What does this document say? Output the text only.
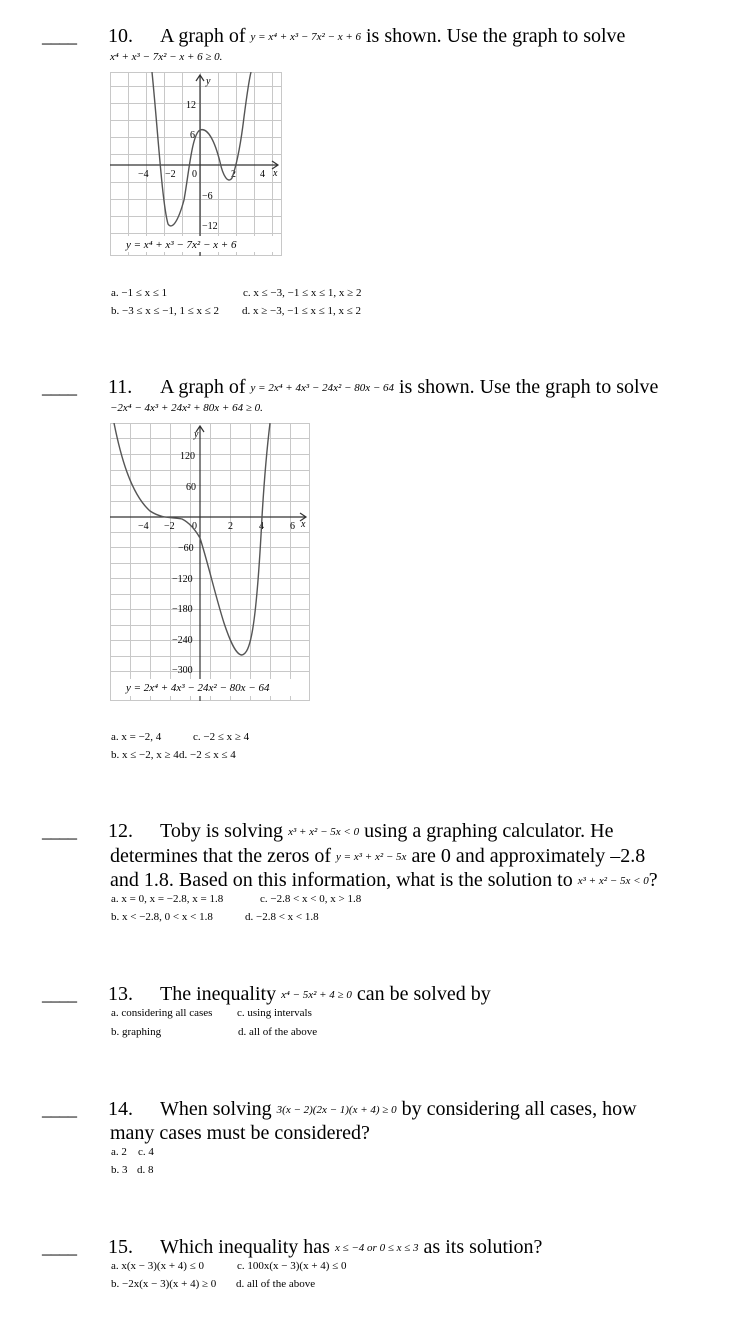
____ 10. A graph of y = x⁴ + x³ − 7x² − x + 6 is shown. Use the graph to solve
x⁴ + x³ − 7x² − x + 6 ≥ 0.
y
x
12
6
−6
−12
−4 −2 0	2 4
y = x⁴ + x³ − 7x² − x + 6
a. −1 ≤ x ≤ 1	c. x ≤ −3, −1 ≤ x ≤ 1, x ≥ 2
b. −3 ≤ x ≤ −1, 1 ≤ x ≤ 2 d. x ≥ −3, −1 ≤ x ≤ 1, x ≤ 2
____ 11. A graph of y = 2x⁴ + 4x³ − 24x² − 80x − 64 is shown. Use the graph to solve
−2x⁴ − 4x³ + 24x² + 80x + 64 ≥ 0.
y
x
120
60
−60
−120
−180
−240
−300
−4 −2 0	2	4	6
y = 2x⁴ + 4x³ − 24x² − 80x − 64
a. x = −2, 4	c. −2 ≤ x ≥ 4
b. x ≤ −2, x ≥ 4 d. −2 ≤ x ≤ 4
____ 12. Toby is solving x³ + x² − 5x < 0 using a graphing calculator. He
determines that the zeros of y = x³ + x² − 5x are 0 and approximately –2.8
and 1.8. Based on this information, what is the solution to x³ + x² − 5x < 0?
a. x = 0, x = −2.8, x = 1.8	c. −2.8 < x < 0, x > 1.8
b. x < −2.8, 0 < x < 1.8	d. −2.8 < x < 1.8
____ 13. The inequality x⁴ − 5x² + 4 ≥ 0 can be solved by
a. considering all cases c. using intervals
b. graphing	d. all of the above
____ 14. When solving 3(x − 2)(2x − 1)(x + 4) ≥ 0 by considering all cases, how
many cases must be considered?
a. 2 c. 4
b. 3 d. 8
____ 15. Which inequality has x ≤ −4 or 0 ≤ x ≤ 3 as its solution?
a. x(x − 3)(x + 4) ≤ 0	c. 100x(x − 3)(x + 4) ≤ 0
b. −2x(x − 3)(x + 4) ≥ 0 d. all of the above
